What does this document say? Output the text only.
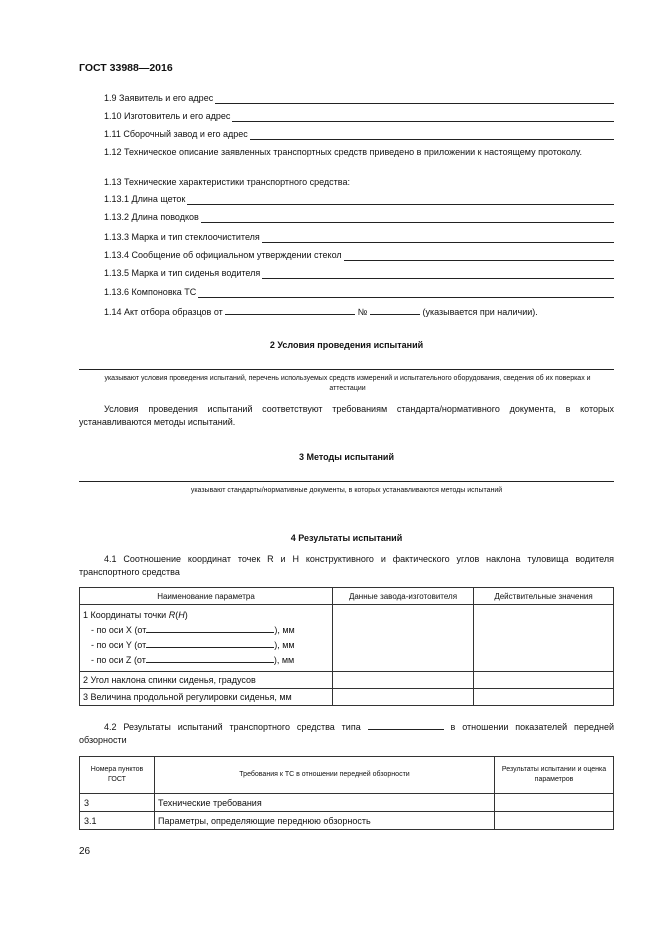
ГОСТ 33988—2016
1.9 Заявитель и его адрес
1.10 Изготовитель и его адрес
1.11 Сборочный завод и его адрес
1.12 Техническое описание заявленных транспортных средств приведено в приложении к настоящему протоколу.
1.13 Технические характеристики транспортного средства:
1.13.1 Длина щеток
1.13.2 Длина поводков
1.13.3 Марка и тип стеклоочистителя
1.13.4 Сообщение об официальном утверждении стекол
1.13.5 Марка и тип сиденья водителя
1.13.6 Компоновка ТС
1.14 Акт отбора образцов от	№	(указывается при наличии).
2 Условия проведения испытаний
указывают условия проведения испытаний, перечень используемых средств измерений и испытательного оборудования, сведения об их поверках и аттестации
Условия проведения испытаний соответствуют требованиям стандарта/нормативного документа, в которых устанавливаются методы испытаний.
3 Методы испытаний
указывают стандарты/нормативные документы, в которых устанавливаются методы испытаний
4 Результаты испытаний
4.1 Соотношение координат точек R и H конструктивного и фактического углов наклона туловища водителя транспортного средства
Наименование параметра	Данные завода-изготовителя	Действительные значения

1 Координаты точки R(H)
- по оси X (от ), мм
- по оси Y (от ), мм
- по оси Z (от ), мм		

2 Угол наклона спинки сиденья, градусов		
3 Величина продольной регулировки сиденья, мм		
4.2 Результаты испытаний транспортного средства типа	в отношении показателей передней обзорности
Номера пунктов ГОСТ	Требования к ТС в отношении передней обзорности	Результаты испытании и оценка параметров
3	Технические требования	
3.1	Параметры, определяющие переднюю обзорность	
26
